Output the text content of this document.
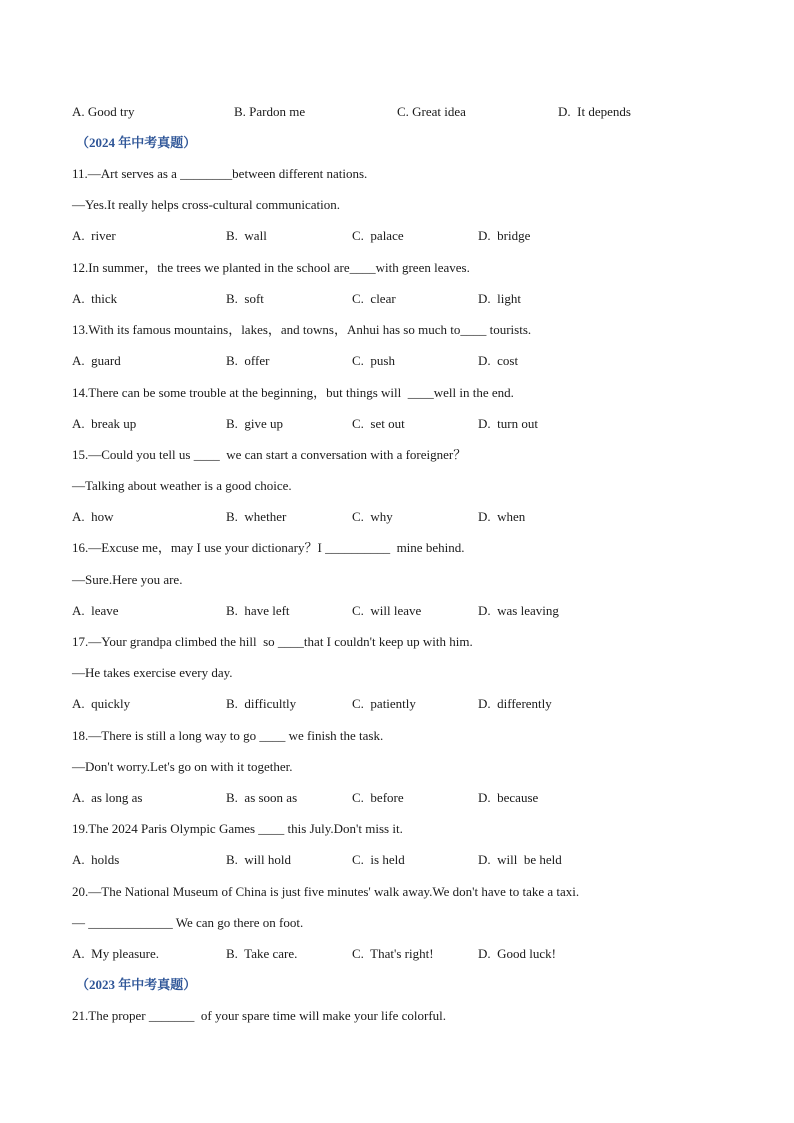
A. Good try	B. Pardon me	C. Great idea	D.  It depends
（2024 年中考真题）
11.—Art serves as a ________between different nations.
—Yes.It really helps cross-cultural communication.
A.  river	B.  wall	C.  palace	D.  bridge
12.In summer，the trees we planted in the school are____with green leaves.
A.  thick	B.  soft	C.  clear	D.  light
13.With its famous mountains，lakes，and towns，Anhui has so much to____ tourists.
A.  guard	B.  offer	C.  push	D.  cost
14.There can be some trouble at the beginning，but things will  ____well in the end.
A.  break up	B.  give up	C.  set out	D.  turn out
15.—Could you tell us ____  we can start a conversation with a foreigner？
—Talking about weather is a good choice.
A.  how	B.  whether	C.  why	D.  when
16.—Excuse me，may I use your dictionary？I __________  mine behind.
—Sure.Here you are.
A.  leave	B.  have left	C.  will leave	D.  was leaving
17.—Your grandpa climbed the hill  so ____that I couldn't keep up with him.
—He takes exercise every day.
A.  quickly	B.  difficultly	C.  patiently	D.  differently
18.—There is still a long way to go ____ we finish the task.
—Don't worry.Let's go on with it together.
A.  as long as	B.  as soon as	C.  before	D.  because
19.The 2024 Paris Olympic Games ____ this July.Don't miss it.
A.  holds	B.  will hold	C.  is held	D.  will  be held
20.—The National Museum of China is just five minutes' walk away.We don't have to take a taxi.
— _____________ We can go there on foot.
A.  My pleasure.	B.  Take care.	C.  That's right!	D.  Good luck!
（2023 年中考真题）
21.The proper _______  of your spare time will make your life colorful.
